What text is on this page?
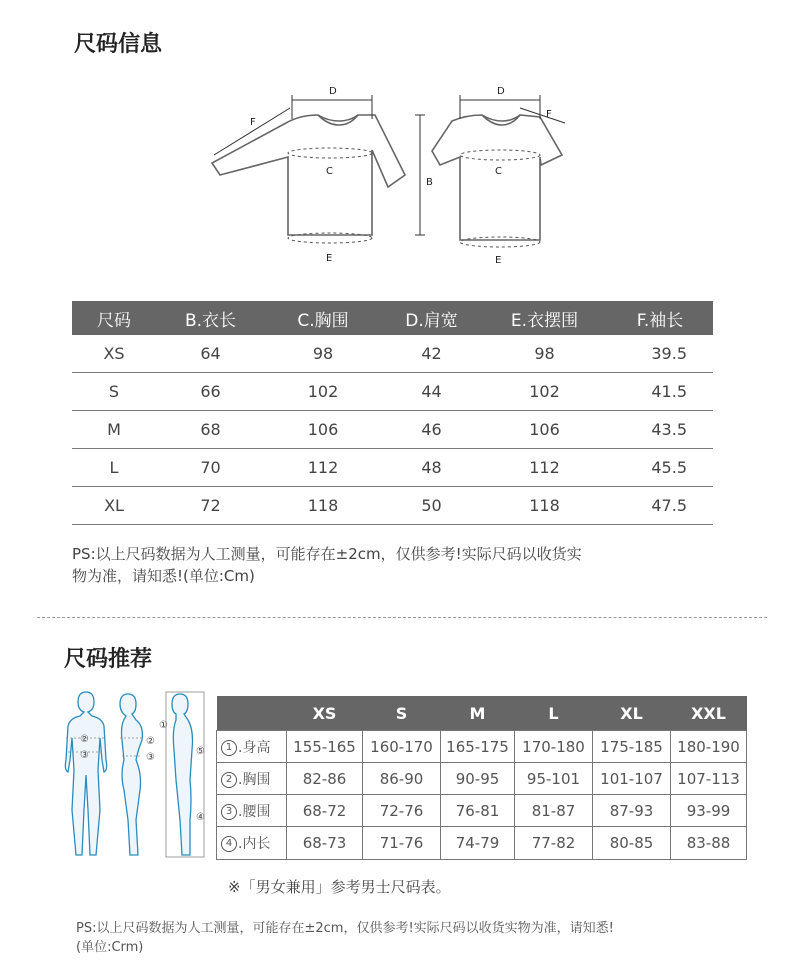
尺码信息
D	D
F
F
C	C
B
E	E
尺码	B.衣长	C.胸围	D.肩宽	E.衣摆围	F.袖长
XS	64	98	42	98	39.5
S	66	102	44	102	41.5
M	68	106	46	106	43.5
L	70	112	48	112	45.5
XL	72	118	50	118	47.5
PS:以上尺码数据为人工测量，可能存在±2cm，仅供参考!实际尺码以收货实
物为准，请知悉!(单位:Cm)
尺码推荐
②
③
②
③
①
⑤
④
	XS	S	M	L	XL	XXL
1 .身高	155-165	160-170	165-175	170-180	175-185	180-190
2 .胸围	82-86	86-90	90-95	95-101	101-107	107-113
3 .腰围	68-72	72-76	76-81	81-87	87-93	93-99
4 .内长	68-73	71-76	74-79	77-82	80-85	83-88
※「男女兼用」参考男士尺码表。
PS:以上尺码数据为人工测量，可能存在±2cm，仅供参考!实际尺码以收货实物为准，请知悉!
(单位:Crm)
